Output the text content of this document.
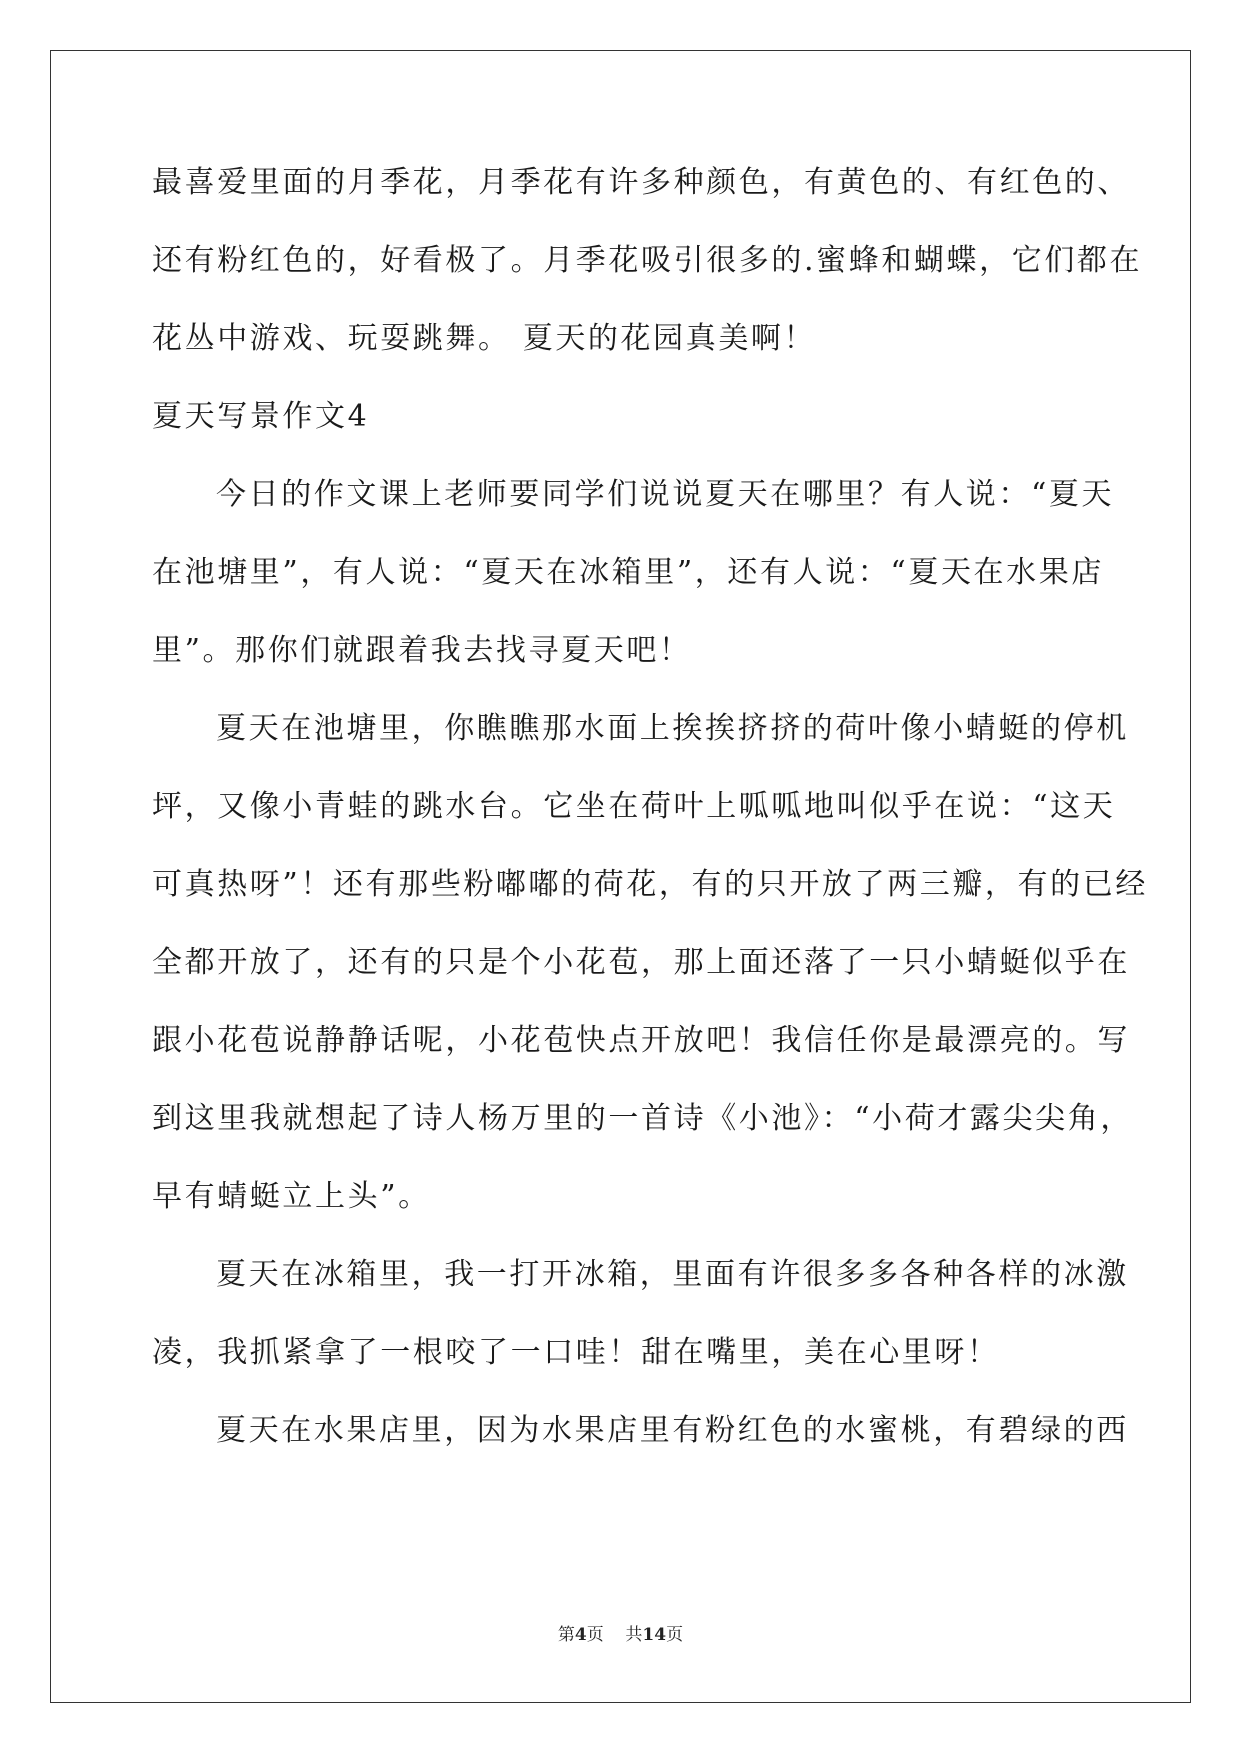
最喜爱里面的月季花，月季花有许多种颜色，有黄色的、有红色的、
还有粉红色的，好看极了。月季花吸引很多的.蜜蜂和蝴蝶，它们都在
花丛中游戏、玩耍跳舞。 夏天的花园真美啊！
夏天写景作文4
今日的作文课上老师要同学们说说夏天在哪里？有人说：“夏天
在池塘里”，有人说：“夏天在冰箱里”，还有人说：“夏天在水果店
里”。那你们就跟着我去找寻夏天吧！
夏天在池塘里，你瞧瞧那水面上挨挨挤挤的荷叶像小蜻蜓的停机
坪，又像小青蛙的跳水台。它坐在荷叶上呱呱地叫似乎在说：“这天
可真热呀”！还有那些粉嘟嘟的荷花，有的只开放了两三瓣，有的已经
全都开放了，还有的只是个小花苞，那上面还落了一只小蜻蜓似乎在
跟小花苞说静静话呢，小花苞快点开放吧！我信任你是最漂亮的。写
到这里我就想起了诗人杨万里的一首诗《小池》：“小荷才露尖尖角，
早有蜻蜓立上头”。
夏天在冰箱里，我一打开冰箱，里面有许很多多各种各样的冰激
凌，我抓紧拿了一根咬了一口哇！甜在嘴里，美在心里呀！
夏天在水果店里，因为水果店里有粉红色的水蜜桃，有碧绿的西
第4页 共14页
